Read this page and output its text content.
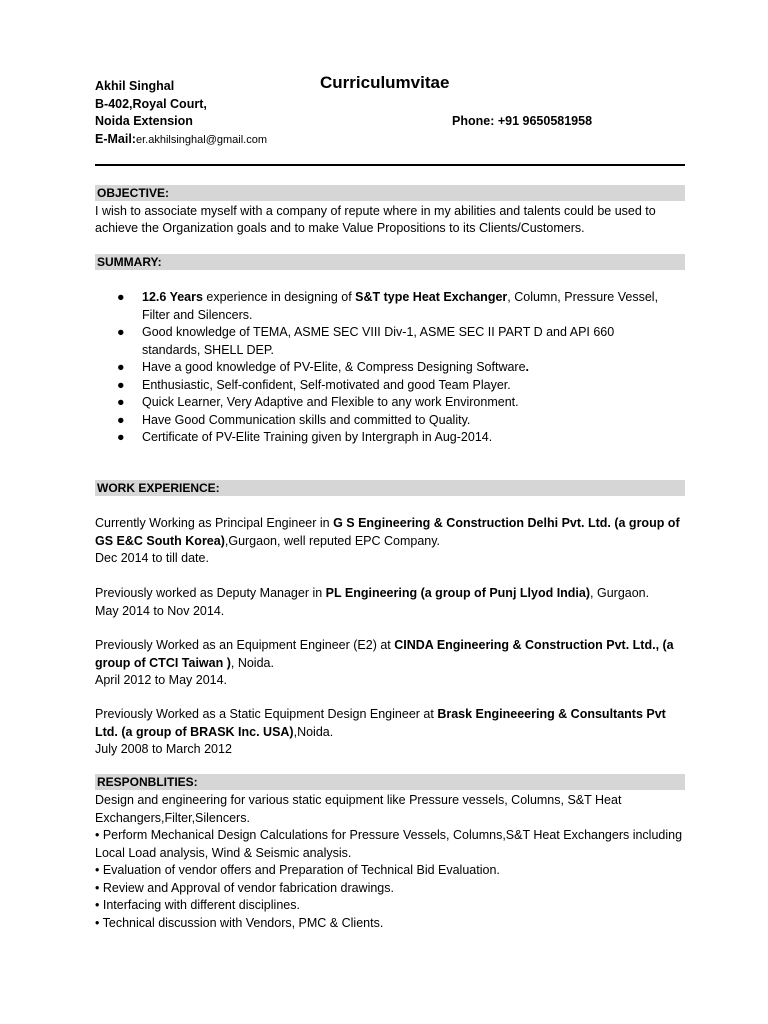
Akhil Singhal	Curriculumvitae
B-402,Royal Court,
Noida Extension	Phone: +91 9650581958
E-Mail:er.akhilsinghal@gmail.com
OBJECTIVE:
I wish to associate myself with a company of repute where in my abilities and talents could be used to
achieve the Organization goals and to make Value Propositions to its Clients/Customers.
SUMMARY:
● 12.6 Years experience in designing of S&T type Heat Exchanger, Column, Pressure Vessel, Filter and Silencers.
● Good knowledge of TEMA, ASME SEC VIII Div-1, ASME SEC II PART D and API 660 standards, SHELL DEP.
● Have a good knowledge of PV-Elite, & Compress Designing Software.
● Enthusiastic, Self-confident, Self-motivated and good Team Player.
● Quick Learner, Very Adaptive and Flexible to any work Environment.
● Have Good Communication skills and committed to Quality.
● Certificate of PV-Elite Training given by Intergraph in Aug-2014.
WORK EXPERIENCE:
Currently Working as Principal Engineer in G S Engineering & Construction Delhi Pvt. Ltd. (a group of GS E&C South Korea),Gurgaon, well reputed EPC Company.
Dec 2014 to till date.
Previously worked as Deputy Manager in PL Engineering (a group of Punj Llyod India), Gurgaon.
May 2014 to Nov 2014.
Previously Worked as an Equipment Engineer (E2) at CINDA Engineering & Construction Pvt. Ltd., (a group of CTCI Taiwan ), Noida.
April 2012 to May 2014.
Previously Worked as a Static Equipment Design Engineer at Brask Engineeering & Consultants Pvt Ltd. (a group of BRASK Inc. USA),Noida.
July 2008 to March 2012
RESPONBLITIES:
Design and engineering for various static equipment like Pressure vessels, Columns, S&T Heat Exchangers,Filter,Silencers.
• Perform Mechanical Design Calculations for Pressure Vessels, Columns,S&T Heat Exchangers including Local Load analysis, Wind & Seismic analysis.
• Evaluation of vendor offers and Preparation of Technical Bid Evaluation.
• Review and Approval of vendor fabrication drawings.
• Interfacing with different disciplines.
• Technical discussion with Vendors, PMC & Clients.
